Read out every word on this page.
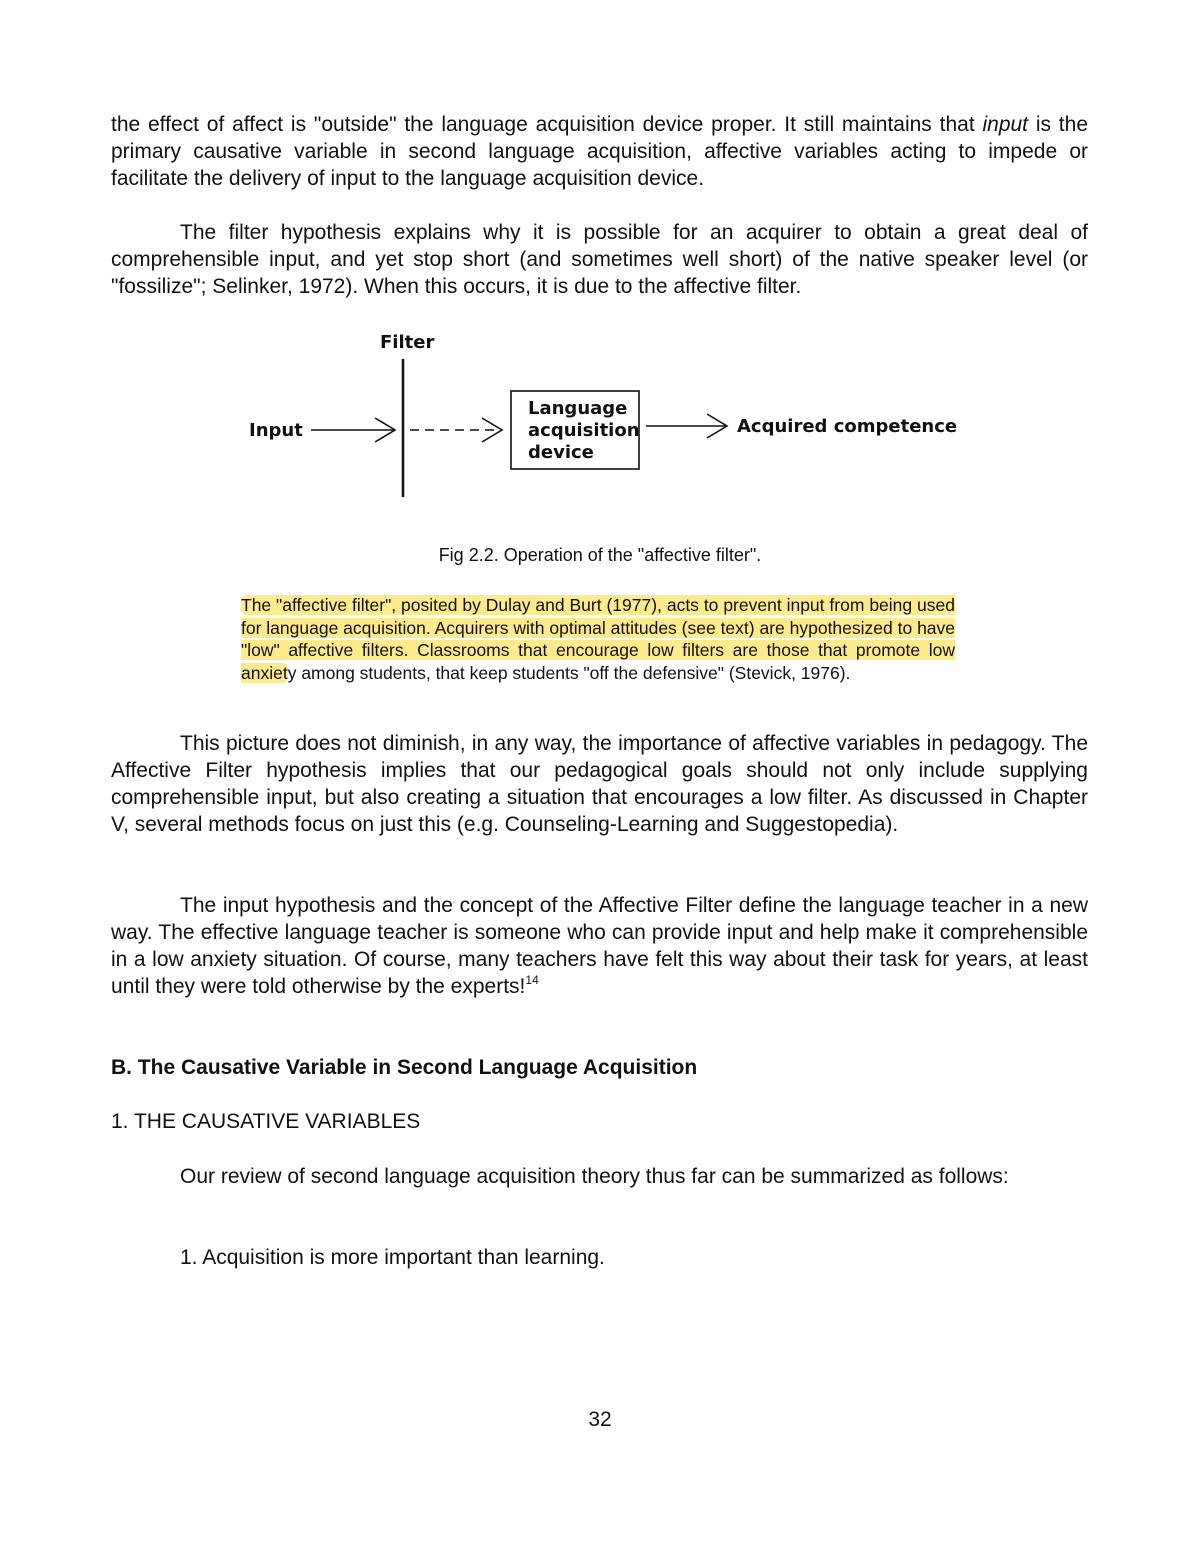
the effect of affect is "outside" the language acquisition device proper. It still maintains that input is the primary causative variable in second language acquisition, affective variables acting to impede or facilitate the delivery of input to the language acquisition device.

The filter hypothesis explains why it is possible for an acquirer to obtain a great deal of comprehensible input, and yet stop short (and sometimes well short) of the native speaker level (or "fossilize"; Selinker, 1972). When this occurs, it is due to the affective filter.

Filter
Input
Language
acquisition
device
Acquired competence

Fig 2.2. Operation of the "affective filter".

The "affective filter", posited by Dulay and Burt (1977), acts to prevent input from being used for language acquisition. Acquirers with optimal attitudes (see text) are hypothesized to have "low" affective filters. Classrooms that encourage low filters are those that promote low anxiety among students, that keep students "off the defensive" (Stevick, 1976).

This picture does not diminish, in any way, the importance of affective variables in pedagogy. The Affective Filter hypothesis implies that our pedagogical goals should not only include supplying comprehensible input, but also creating a situation that encourages a low filter. As discussed in Chapter V, several methods focus on just this (e.g. Counseling-Learning and Suggestopedia).

The input hypothesis and the concept of the Affective Filter define the language teacher in a new way. The effective language teacher is someone who can provide input and help make it comprehensible in a low anxiety situation. Of course, many teachers have felt this way about their task for years, at least until they were told otherwise by the experts!$^{14}$

B. The Causative Variable in Second Language Acquisition

1. THE CAUSATIVE VARIABLES

Our review of second language acquisition theory thus far can be summarized as follows:

1. Acquisition is more important than learning.

32
